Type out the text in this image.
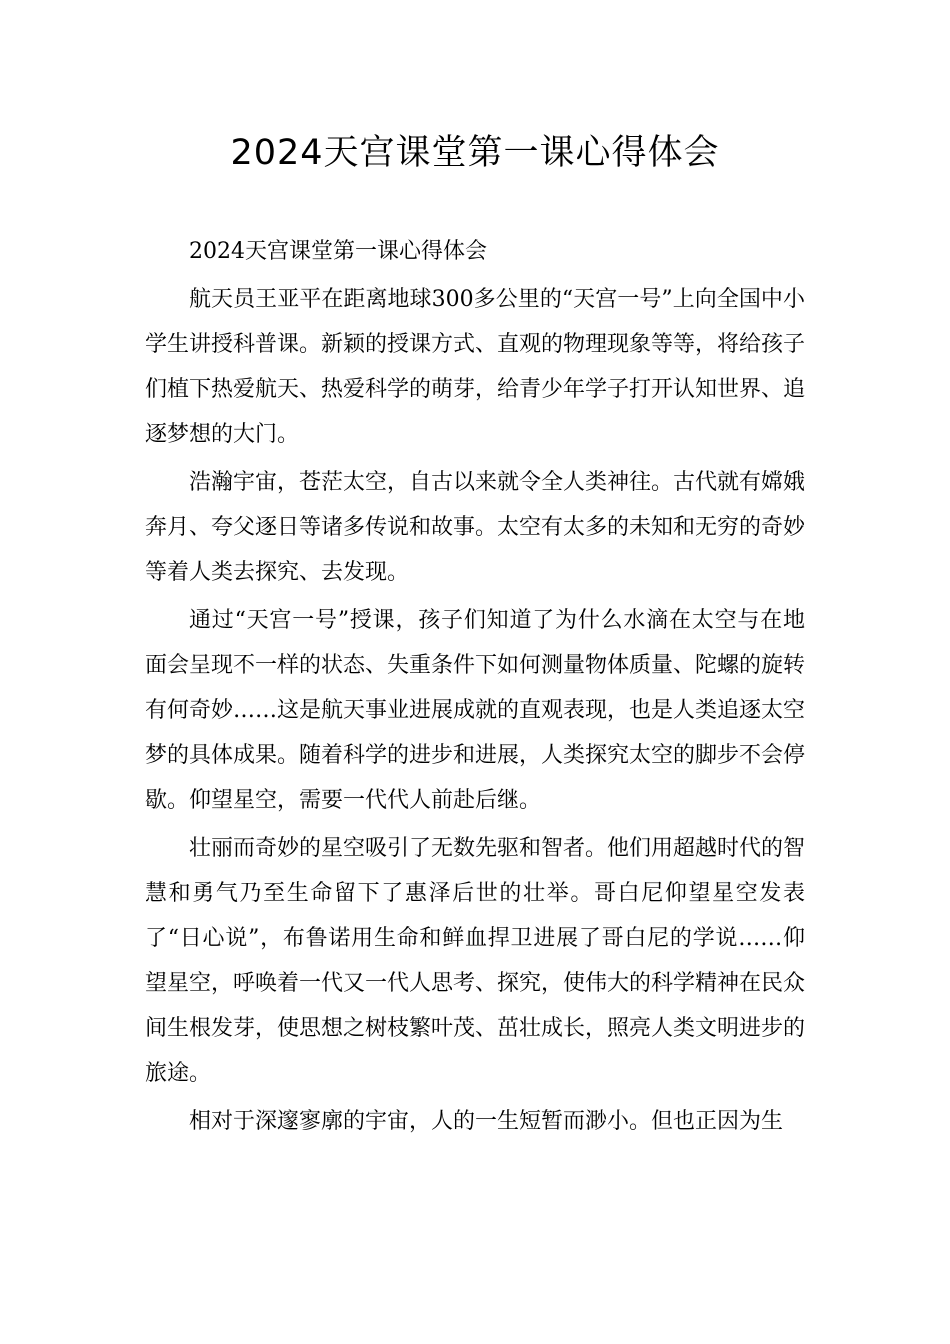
2024天宫课堂第一课心得体会

2024天宫课堂第一课心得体会

航天员王亚平在距离地球300多公里的“天宫一号”上向全国中小学生讲授科普课。新颖的授课方式、直观的物理现象等等，将给孩子们植下热爱航天、热爱科学的萌芽，给青少年学子打开认知世界、追逐梦想的大门。

浩瀚宇宙，苍茫太空，自古以来就令全人类神往。古代就有嫦娥奔月、夸父逐日等诸多传说和故事。太空有太多的未知和无穷的奇妙等着人类去探究、去发现。

通过“天宫一号”授课，孩子们知道了为什么水滴在太空与在地面会呈现不一样的状态、失重条件下如何测量物体质量、陀螺的旋转有何奇妙……这是航天事业进展成就的直观表现，也是人类追逐太空梦的具体成果。随着科学的进步和进展，人类探究太空的脚步不会停歇。仰望星空，需要一代代人前赴后继。

壮丽而奇妙的星空吸引了无数先驱和智者。他们用超越时代的智慧和勇气乃至生命留下了惠泽后世的壮举。哥白尼仰望星空发表了“日心说”，布鲁诺用生命和鲜血捍卫进展了哥白尼的学说……仰望星空，呼唤着一代又一代人思考、探究，使伟大的科学精神在民众间生根发芽，使思想之树枝繁叶茂、茁壮成长，照亮人类文明进步的旅途。

相对于深邃寥廓的宇宙，人的一生短暂而渺小。但也正因为生
